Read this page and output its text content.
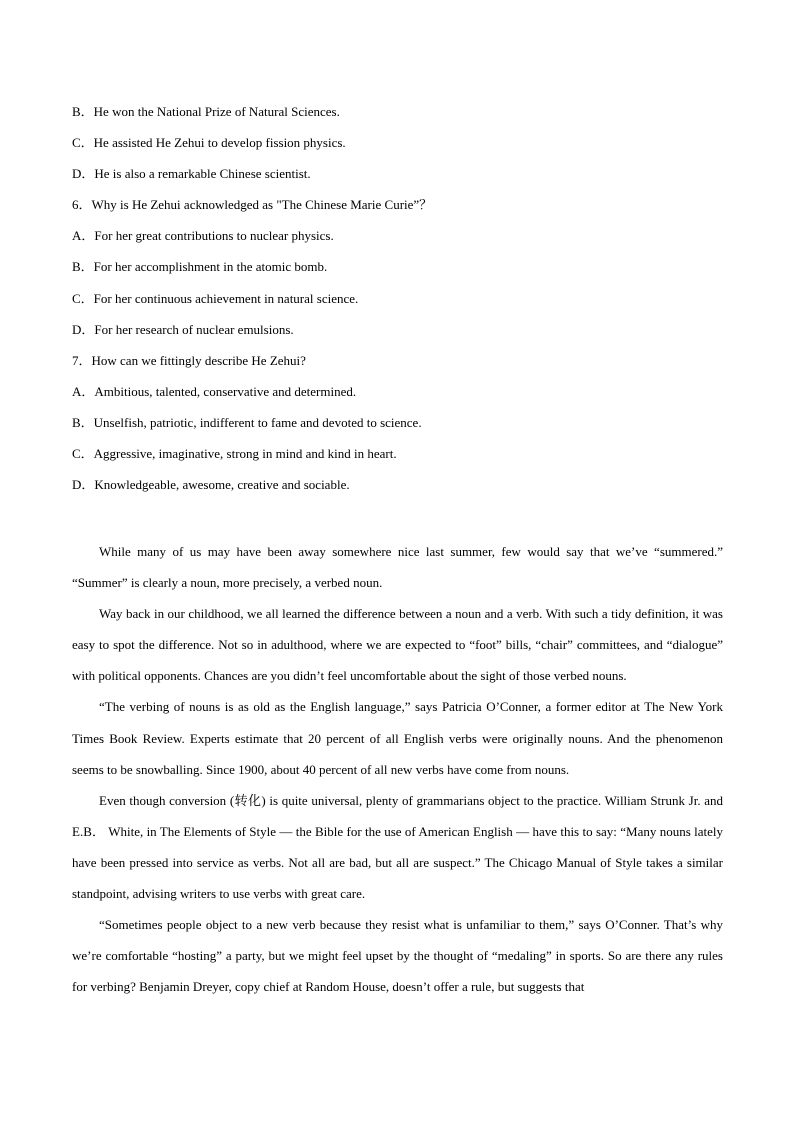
B．He won the National Prize of Natural Sciences.
C．He assisted He Zehui to develop fission physics.
D．He is also a remarkable Chinese scientist.
6．Why is He Zehui acknowledged as "The Chinese Marie Curie”？
A．For her great contributions to nuclear physics.
B．For her accomplishment in the atomic bomb.
C．For her continuous achievement in natural science.
D．For her research of nuclear emulsions.
7．How can we fittingly describe He Zehui?
A．Ambitious, talented, conservative and determined.
B．Unselfish, patriotic, indifferent to fame and devoted to science.
C．Aggressive, imaginative, strong in mind and kind in heart.
D．Knowledgeable, awesome, creative and sociable.

While many of us may have been away somewhere nice last summer, few would say that we’ve “summered.” “Summer” is clearly a noun, more precisely, a verbed noun.

Way back in our childhood, we all learned the difference between a noun and a verb. With such a tidy definition, it was easy to spot the difference. Not so in adulthood, where we are expected to “foot” bills, “chair” committees, and “dialogue” with political opponents. Chances are you didn’t feel uncomfortable about the sight of those verbed nouns.

“The verbing of nouns is as old as the English language,” says Patricia O’Conner, a former editor at The New York Times Book Review. Experts estimate that 20 percent of all English verbs were originally nouns. And the phenomenon seems to be snowballing. Since 1900, about 40 percent of all new verbs have come from nouns.

Even though conversion (转化) is quite universal, plenty of grammarians object to the practice. William Strunk Jr. and E.B． White, in The Elements of Style — the Bible for the use of American English — have this to say: “Many nouns lately have been pressed into service as verbs. Not all are bad, but all are suspect.” The Chicago Manual of Style takes a similar standpoint, advising writers to use verbs with great care.

“Sometimes people object to a new verb because they resist what is unfamiliar to them,” says O’Conner. That’s why we’re comfortable “hosting” a party, but we might feel upset by the thought of “medaling” in sports. So are there any rules for verbing? Benjamin Dreyer, copy chief at Random House, doesn’t offer a rule, but suggests that
